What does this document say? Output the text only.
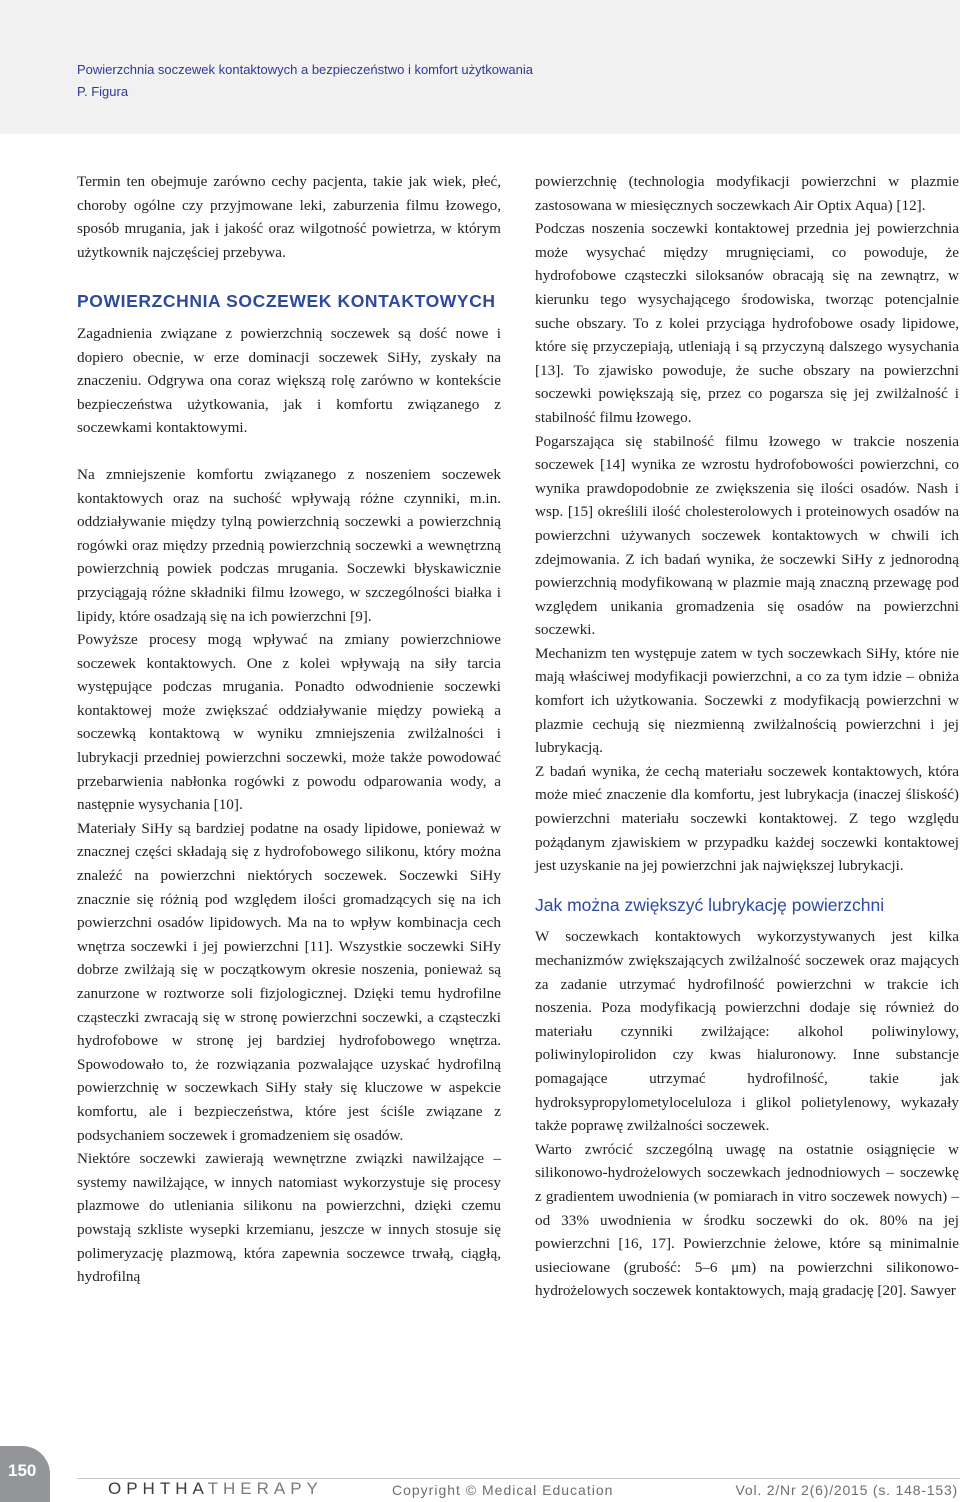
Powierzchnia soczewek kontaktowych a bezpieczeństwo i komfort użytkowania
P. Figura

Termin ten obejmuje zarówno cechy pacjenta, takie jak wiek, płeć, choroby ogólne czy przyjmowane leki, zaburzenia filmu łzowego, sposób mrugania, jak i jakość oraz wilgotność powietrza, w którym użytkownik najczęściej przebywa.

POWIERZCHNIA SOCZEWEK KONTAKTOWYCH

Zagadnienia związane z powierzchnią soczewek są dość nowe i dopiero obecnie, w erze dominacji soczewek SiHy, zyskały na znaczeniu. Odgrywa ona coraz większą rolę zarówno w kontekście bezpieczeństwa użytkowania, jak i komfortu związanego z soczewkami kontaktowymi.

Na zmniejszenie komfortu związanego z noszeniem soczewek kontaktowych oraz na suchość wpływają różne czynniki, m.in. oddziaływanie między tylną powierzchnią soczewki a powierzchnią rogówki oraz między przednią powierzchnią soczewki a wewnętrzną powierzchnią powiek podczas mrugania. Soczewki błyskawicznie przyciągają różne składniki filmu łzowego, w szczególności białka i lipidy, które osadzają się na ich powierzchni [9].

Powyższe procesy mogą wpływać na zmiany powierzchniowe soczewek kontaktowych. One z kolei wpływają na siły tarcia występujące podczas mrugania. Ponadto odwodnienie soczewki kontaktowej może zwiększać oddziaływanie między powieką a soczewką kontaktową w wyniku zmniejszenia zwilżalności i lubrykacji przedniej powierzchni soczewki, może także powodować przebarwienia nabłonka rogówki z powodu odparowania wody, a następnie wysychania [10].

Materiały SiHy są bardziej podatne na osady lipidowe, ponieważ w znacznej części składają się z hydrofobowego silikonu, który można znaleźć na powierzchni niektórych soczewek. Soczewki SiHy znacznie się różnią pod względem ilości gromadzących się na ich powierzchni osadów lipidowych. Ma na to wpływ kombinacja cech wnętrza soczewki i jej powierzchni [11]. Wszystkie soczewki SiHy dobrze zwilżają się w początkowym okresie noszenia, ponieważ są zanurzone w roztworze soli fizjologicznej. Dzięki temu hydrofilne cząsteczki zwracają się w stronę powierzchni soczewki, a cząsteczki hydrofobowe w stronę jej bardziej hydrofobowego wnętrza. Spowodowało to, że rozwiązania pozwalające uzyskać hydrofilną powierzchnię w soczewkach SiHy stały się kluczowe w aspekcie komfortu, ale i bezpieczeństwa, które jest ściśle związane z podsychaniem soczewek i gromadzeniem się osadów.

Niektóre soczewki zawierają wewnętrzne związki nawilżające – systemy nawilżające, w innych natomiast wykorzystuje się procesy plazmowe do utleniania silikonu na powierzchni, dzięki czemu powstają szkliste wysepki krzemianu, jeszcze w innych stosuje się polimeryzację plazmową, która zapewnia soczewce trwałą, ciągłą, hydrofilną

powierzchnię (technologia modyfikacji powierzchni w plazmie zastosowana w miesięcznych soczewkach Air Optix Aqua) [12].

Podczas noszenia soczewki kontaktowej przednia jej powierzchnia może wysychać między mrugnięciami, co powoduje, że hydrofobowe cząsteczki siloksanów obracają się na zewnątrz, w kierunku tego wysychającego środowiska, tworząc potencjalnie suche obszary. To z kolei przyciąga hydrofobowe osady lipidowe, które się przyczepiają, utleniają i są przyczyną dalszego wysychania [13]. To zjawisko powoduje, że suche obszary na powierzchni soczewki powiększają się, przez co pogarsza się jej zwilżalność i stabilność filmu łzowego.

Pogarszająca się stabilność filmu łzowego w trakcie noszenia soczewek [14] wynika ze wzrostu hydrofobowości powierzchni, co wynika prawdopodobnie ze zwiększenia się ilości osadów. Nash i wsp. [15] określili ilość cholesterolowych i proteinowych osadów na powierzchni używanych soczewek kontaktowych w chwili ich zdejmowania. Z ich badań wynika, że soczewki SiHy z jednorodną powierzchnią modyfikowaną w plazmie mają znaczną przewagę pod względem unikania gromadzenia się osadów na powierzchni soczewki.

Mechanizm ten występuje zatem w tych soczewkach SiHy, które nie mają właściwej modyfikacji powierzchni, a co za tym idzie – obniża komfort ich użytkowania. Soczewki z modyfikacją powierzchni w plazmie cechują się niezmienną zwilżalnością powierzchni i jej lubrykacją.

Z badań wynika, że cechą materiału soczewek kontaktowych, która może mieć znaczenie dla komfortu, jest lubrykacja (inaczej śliskość) powierzchni materiału soczewki kontaktowej. Z tego względu pożądanym zjawiskiem w przypadku każdej soczewki kontaktowej jest uzyskanie na jej powierzchni jak największej lubrykacji.

Jak można zwiększyć lubrykację powierzchni

W soczewkach kontaktowych wykorzystywanych jest kilka mechanizmów zwiększających zwilżalność soczewek oraz mających za zadanie utrzymać hydrofilność powierzchni w trakcie ich noszenia. Poza modyfikacją powierzchni dodaje się również do materiału czynniki zwilżające: alkohol poliwinylowy, poliwinylopirolidon czy kwas hialuronowy. Inne substancje pomagające utrzymać hydrofilność, takie jak hydroksypropylometyloceluloza i glikol polietylenowy, wykazały także poprawę zwilżalności soczewek.

Warto zwrócić szczególną uwagę na ostatnie osiągnięcie w silikonowo-hydrożelowych soczewkach jednodniowych – soczewkę z gradientem uwodnienia (w pomiarach in vitro soczewek nowych) – od 33% uwodnienia w środku soczewki do ok. 80% na jej powierzchni [16, 17]. Powierzchnie żelowe, które są minimalnie usieciowane (grubość: 5–6 μm) na powierzchni silikonowo-hydrożelowych soczewek kontaktowych, mają gradację [20]. Sawyer

150
OPHTHATHERAPY	Copyright © Medical Education	Vol. 2/Nr 2(6)/2015 (s. 148-153)
